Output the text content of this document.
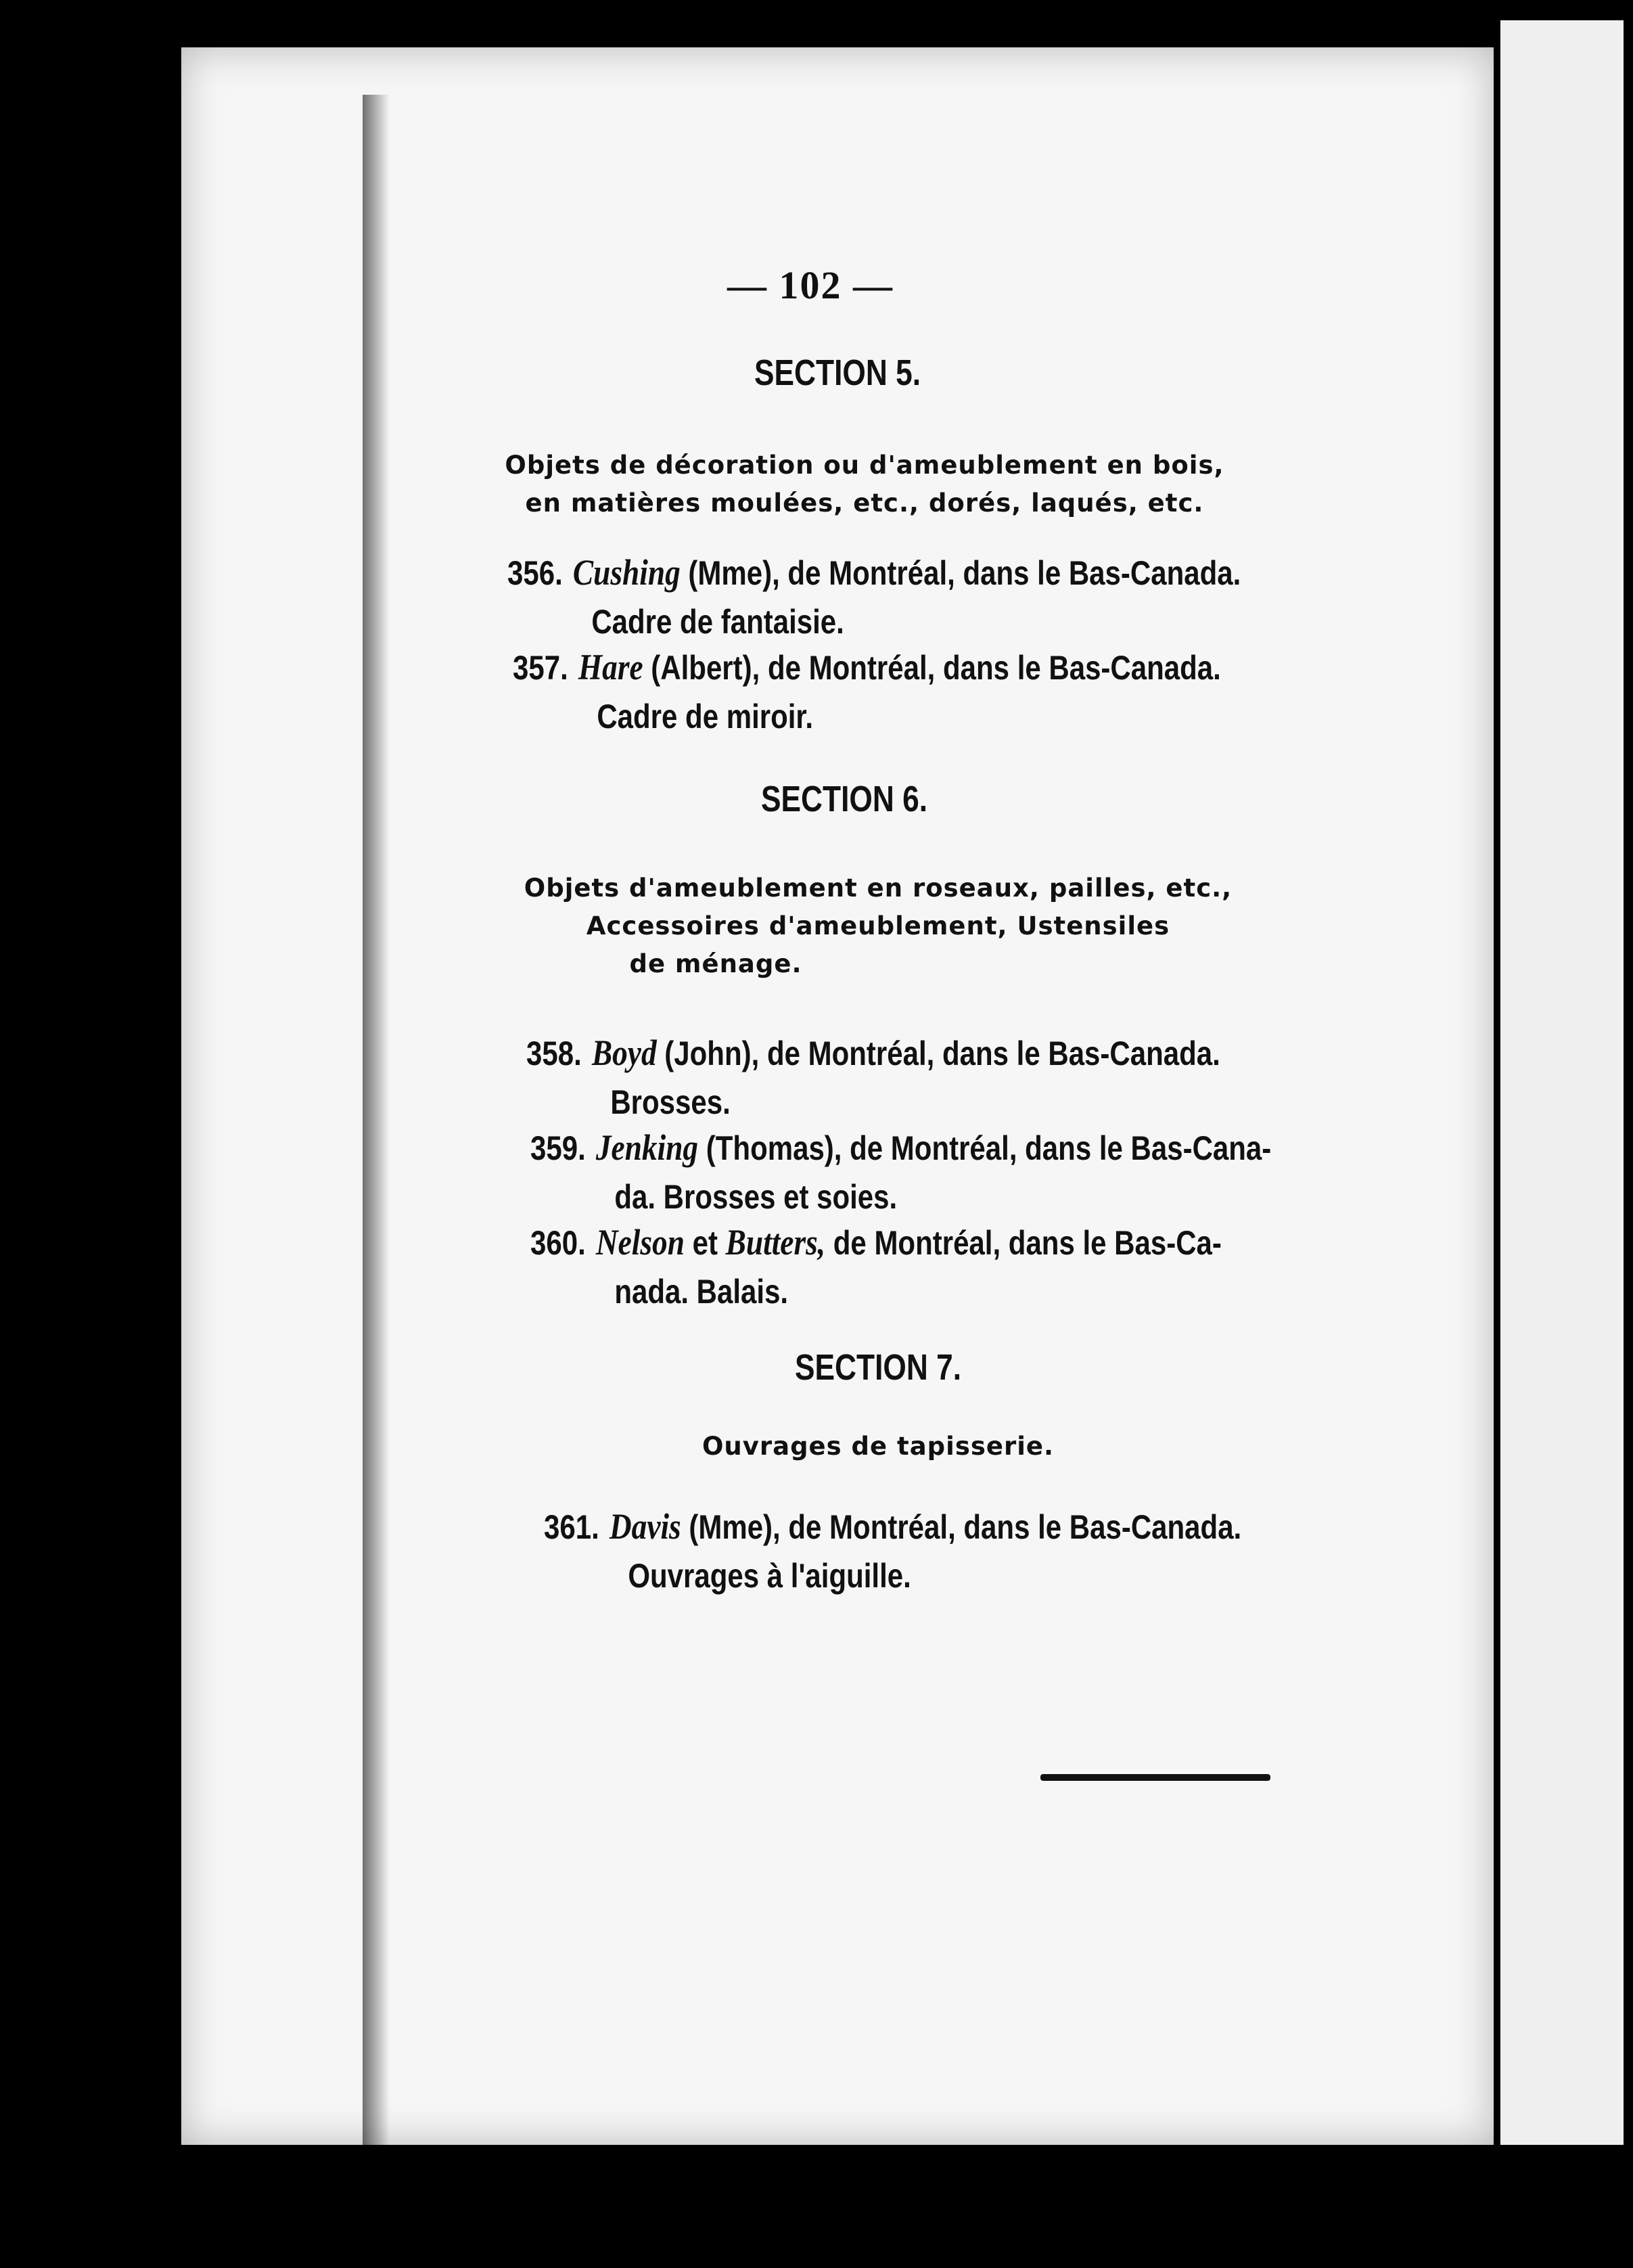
— 102 —
SECTION 5.
Objets de décoration ou d'ameublement en bois,
en matières moulées, etc., dorés, laqués, etc.
356. Cushing (Mme), de Montréal, dans le Bas-Canada.
Cadre de fantaisie.
357. Hare (Albert), de Montréal, dans le Bas-Canada.
Cadre de miroir.
SECTION 6.
Objets d'ameublement en roseaux, pailles, etc.,
Accessoires d'ameublement, Ustensiles
de ménage.
358. Boyd (John), de Montréal, dans le Bas-Canada.
Brosses.
359. Jenking (Thomas), de Montréal, dans le Bas-Cana-
da. Brosses et soies.
360. Nelson et Butters, de Montréal, dans le Bas-Ca-
nada. Balais.
SECTION 7.
Ouvrages de tapisserie.
361. Davis (Mme), de Montréal, dans le Bas-Canada.
Ouvrages à l'aiguille.
